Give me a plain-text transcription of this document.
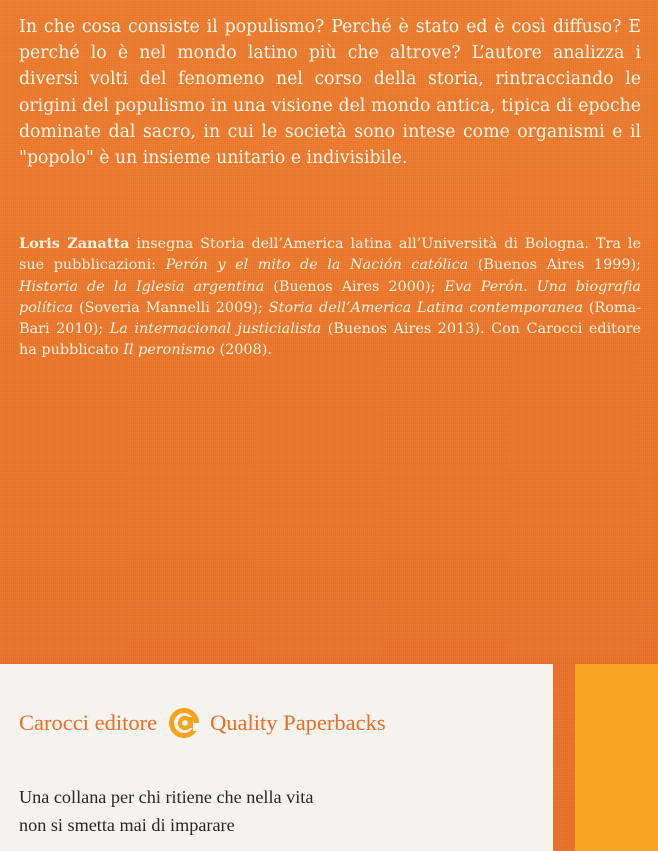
In che cosa consiste il populismo? Perché è stato ed è così diffuso? E perché lo è nel mondo latino più che altrove? L’autore analizza i diversi volti del fenomeno nel corso della storia, rintracciando le origini del populismo in una visione del mondo antica, tipica di epoche dominate dal sacro, in cui le società sono intese come organismi e il "popolo" è un insieme unitario e indivisibile.

Loris Zanatta insegna Storia dell’America latina all’Università di Bologna. Tra le sue pubblicazioni: Perón y el mito de la Nación católica (Buenos Aires 1999); Historia de la Iglesia argentina (Buenos Aires 2000); Eva Perón. Una biografia política (Soveria Mannelli 2009); Storia dell’America Latina contemporanea (Roma-Bari 2010); La internacional justicialista (Buenos Aires 2013). Con Carocci editore ha pubblicato Il peronismo (2008).

Carocci editore Quality Paperbacks

Una collana per chi ritiene che nella vita
non si smetta mai di imparare
